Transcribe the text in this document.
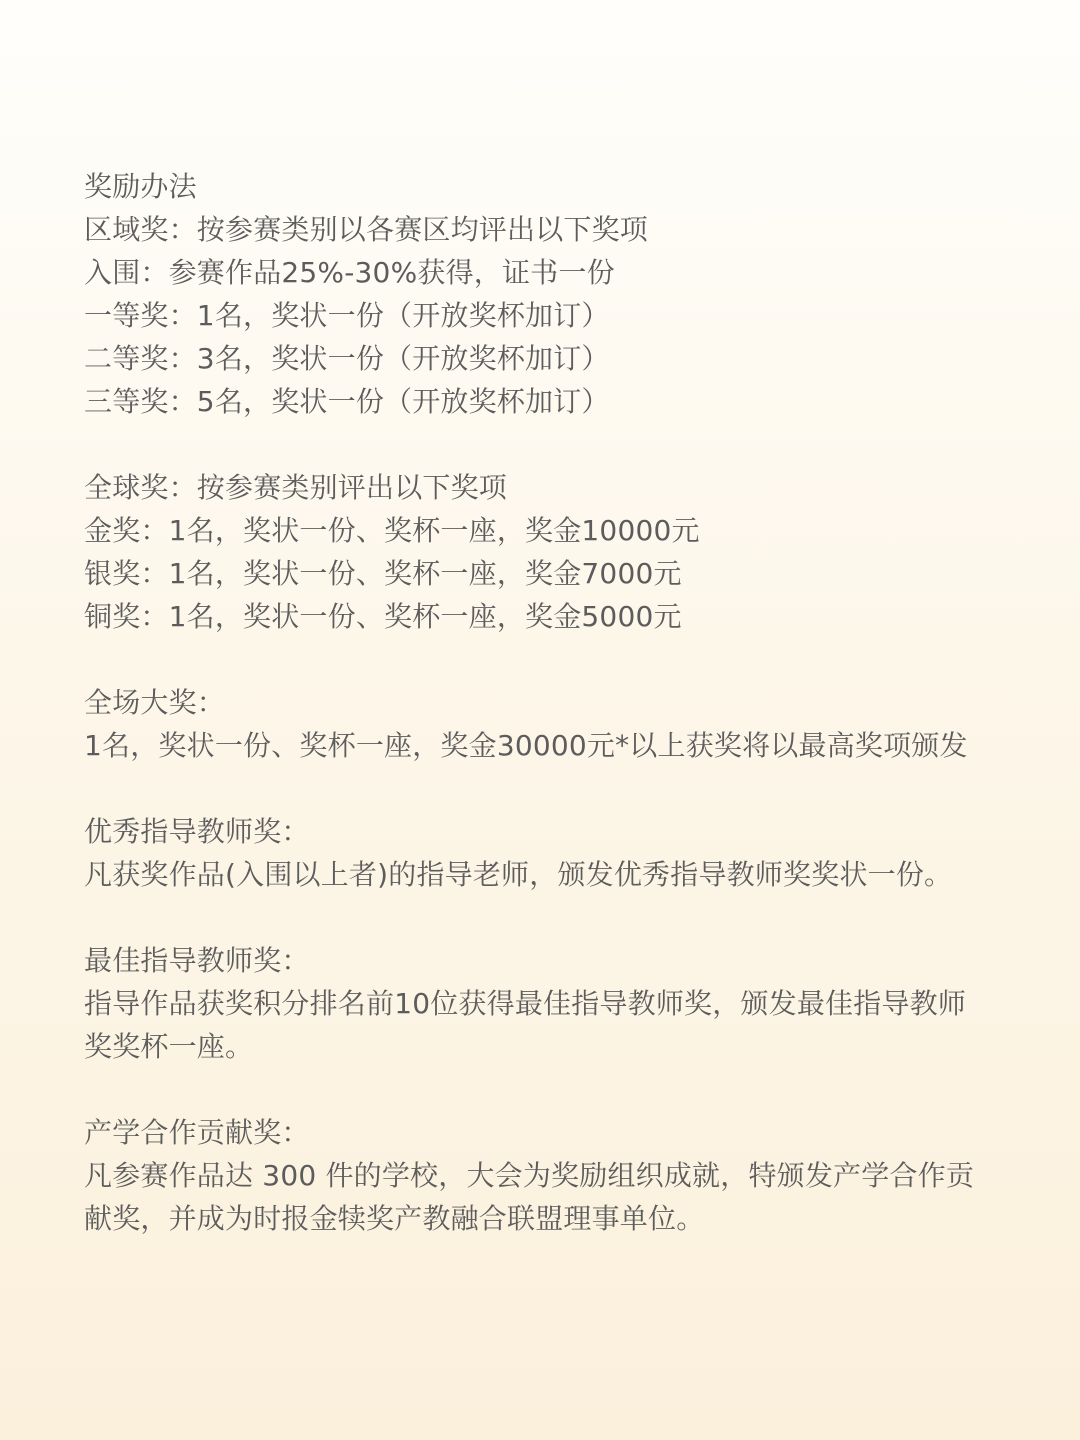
奖励办法
区域奖：按参赛类别以各赛区均评出以下奖项
入围：参赛作品25%-30%获得，证书一份
一等奖：1名，奖状一份（开放奖杯加订）
二等奖：3名，奖状一份（开放奖杯加订）
三等奖：5名，奖状一份（开放奖杯加订）
全球奖：按参赛类别评出以下奖项
金奖：1名，奖状一份、奖杯一座，奖金10000元
银奖：1名，奖状一份、奖杯一座，奖金7000元
铜奖：1名，奖状一份、奖杯一座，奖金5000元
全场大奖：
1名，奖状一份、奖杯一座，奖金30000元*以上获奖将以最高奖项颁发
优秀指导教师奖：
凡获奖作品(入围以上者)的指导老师，颁发优秀指导教师奖奖状一份。
最佳指导教师奖：
指导作品获奖积分排名前10位获得最佳指导教师奖，颁发最佳指导教师
奖奖杯一座。
产学合作贡献奖：
凡参赛作品达 300 件的学校，大会为奖励组织成就，特颁发产学合作贡
献奖，并成为时报金犊奖产教融合联盟理事单位。
